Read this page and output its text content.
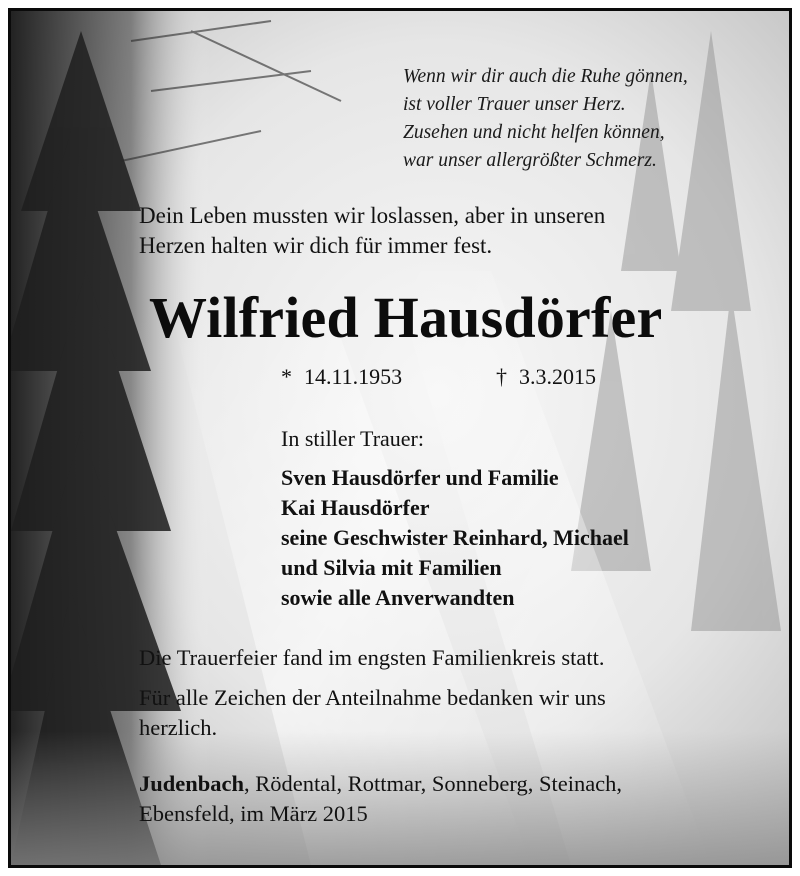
Wenn wir dir auch die Ruhe gönnen,
ist voller Trauer unser Herz.
Zusehen und nicht helfen können,
war unser allergrößter Schmerz.
Dein Leben mussten wir loslassen, aber in unseren
Herzen halten wir dich für immer fest.
Wilfried Hausdörfer
* 14.11.1953	† 3.3.2015
In stiller Trauer:
Sven Hausdörfer und Familie
Kai Hausdörfer
seine Geschwister Reinhard, Michael
und Silvia mit Familien
sowie alle Anverwandten
Die Trauerfeier fand im engsten Familienkreis statt.
Für alle Zeichen der Anteilnahme bedanken wir uns
herzlich.
Judenbach, Rödental, Rottmar, Sonneberg, Steinach,
Ebensfeld, im März 2015
